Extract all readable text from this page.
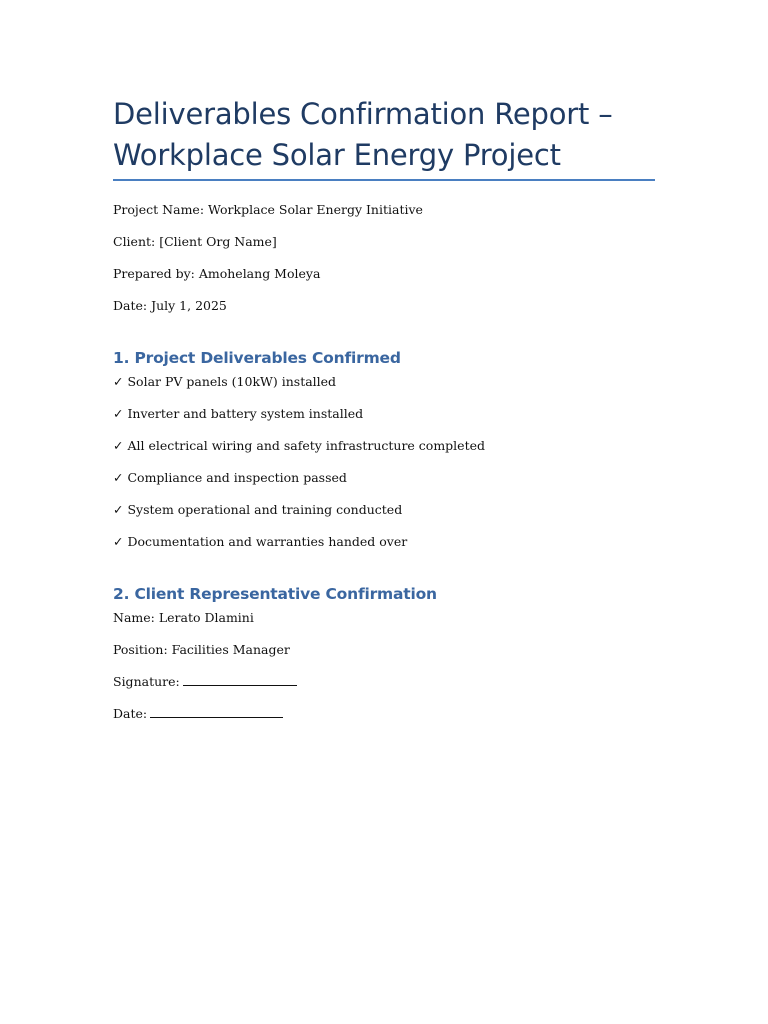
Deliverables Confirmation Report –
Workplace Solar Energy Project

Project Name: Workplace Solar Energy Initiative

Client: [Client Org Name]

Prepared by: Amohelang Moleya

Date: July 1, 2025

1. Project Deliverables Confirmed

✓ Solar PV panels (10kW) installed

✓ Inverter and battery system installed

✓ All electrical wiring and safety infrastructure completed

✓ Compliance and inspection passed

✓ System operational and training conducted

✓ Documentation and warranties handed over

2. Client Representative Confirmation

Name: Lerato Dlamini

Position: Facilities Manager

Signature:

Date:
